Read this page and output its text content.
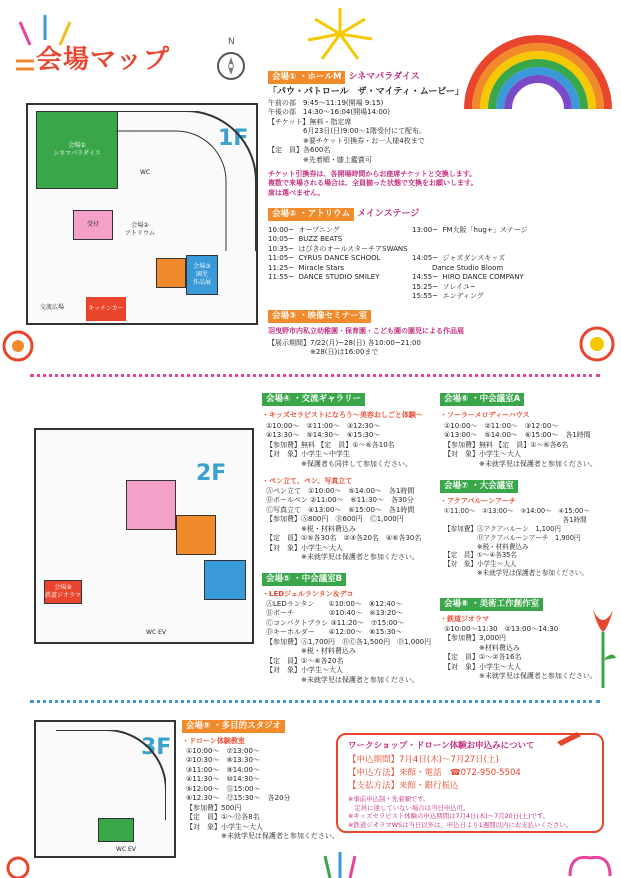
会場マップ
N
1F
会場①
シネマパラダイス
受付	会場②
アトリウム
会場③
園児
作品展
WC
交流広場	キッチンカー
会場① ・ホールM シネマパラダイス
「パウ・パトロール　ザ・マイティ・ムービー」
午前の部　9:45～11:19(開場 9:15)
午後の部　14:30～16:04(開場14:00)
【チケット】無料・指定席
　　　　　6月23日(日)9:00～1階受付にて配布。
　　　　　※要チケット引換券・お一人様4枚まで
【定　員】各600名
　　　　　※先着順・膝上鑑賞可
チケット引換券は、各開場時間からお座席チケットと交換します。
複数で来場される場合は、全員揃った状態で交換をお願いします。
席は選べません。
会場② ・アトリウム メインステージ
10:00~  オープニング
10:05~  BUZZ BEATS
10:35~  はびきのオールスターチアSWANS
11:05~  CYRUS DANCE SCHOOL
11:25~  Miracle Stars
11:55~  DANCE STUDIO SMILEY
13:00~  FM大阪「hug+」ステージ

14:05~  ジャズダンスキッズ
Dance Studio Bloom
14:55~  HIRO DANCE COMPANY
15:25~  ソレイユ~
15:55~  エンディング
会場③ ・映像セミナー室
羽曳野市内私立幼稚園・保育園・こども園の園児による作品展
【展示期間】7/22(月)~28(日) 各10:00~21:00
　　　　　　※28(日)は16:00まで
2F
会場⑨
鉄道ジオラマ
WC EV
会場④ ・交流ギャラリー
・キッズセラピストになろう～美容おしごと体験～
①10:00～　②11:00～　③12:30～
④13:30～　⑤14:30～　⑥15:30～
【参加費】無料 【定　員】①～⑥各10名
【対　象】小学生～中学生
　　　　　※保護者も同伴して参加ください。
・ペン立て、ペン、写真立て
Ⓐペン立て　①10:00～　⑤14:00～　各1時間
Ⓑボールペン ②11:00～　⑥11:30～　各30分
Ⓒ写真立て　④13:00～　⑥15:00～　各1時間
【参加費】Ⓐ800円　Ⓑ600円　Ⓒ1,000円
　　　　　※税・材料費込み
【定　員】①⑤各30名　②③各20名　④⑥各30名
【対　象】小学生～大人
　　　　　※未就学児は保護者と参加ください。
会場⑤ ・中会議室B
・LEDジェルランタン＆デコ
ⒶLEDランタン　　①10:00～　⑧12:40～
Ⓑポーチ　　　　　②10:40～　⑥13:20～
Ⓒコンパクトブラシ ③11:20～　⑦15:00～
Ⓓキーホルダー　　④12:00～　⑧15:30～
【参加費】Ⓐ1,700円　ⒷⒸ各1,500円　Ⓓ1,000円
　　　　　※税・材料費込み
【定　員】①～⑧各20名
【対　象】小学生～大人
　　　　　※未就学児は保護者と参加ください。
会場⑥ ・中会議室A
・ソーラーメロディーハウス
①10:00～　②11:00～　③12:00～
④13:00～　⑤14:00～　⑥15:00～　各1時間
【参加費】無料 【定　員】①～⑥各6名
【対　象】小学生～大人
　　　　　※未就学児は保護者と参加ください。
会場⑦ ・大会議室
・アクアバルーンアーチ
①11:00～　②13:00～　③14:00～　④15:00～
　　　　　　　　　　　　　　　　　　各1時間
【参加費】Ⓐアクアバルーン　1,100円
　　　　　Ⓑアクアバルーンアーチ　1,900円
　　　　　※税・材料費込み
【定　員】①～④各35名
【対　象】小学生～大人
　　　　　※未就学児は保護者と参加ください。
会場⑧ ・美術工作創作室
・鉄道ジオラマ
①10:00～11:30　②13:00～14:30
【参加費】3,000円
　　　　　※材料費込み
【定　員】①～②各16名
【対　象】小学生～大人
　　　　　※未就学児は保護者と参加ください。
3F
WC EV
会場⑨ ・多目的スタジオ
・ドローン体験教室
①10:00～　⑦13:00～
②10:30～　⑧13:30～
③11:00～　⑨14:00～
④11:30～　⑩14:30～
⑤12:00～　⑪15:00～
⑥12:30～　⑫15:30～　各20分
【参加費】500円
【定　員】①～⑫各8名
【対　象】小学生～大人
　　　　　※未就学児は保護者と参加ください。
ワークショップ・ドローン体験お申込みについて
【申込期間】7月4日(木)～7月27日(土)
【申込方法】来館・電話　☎072-950-5504
【支払方法】来館・銀行振込
※事前申込制・先着順です。
　定員に達していない場合は当日申込可。
※キッズセラピスト体験の申込期間は7月4日(木)～7月20日(土)です。
※鉄道ジオラマWSは当日以外は、申込日より1週間以内にお支払いください。
